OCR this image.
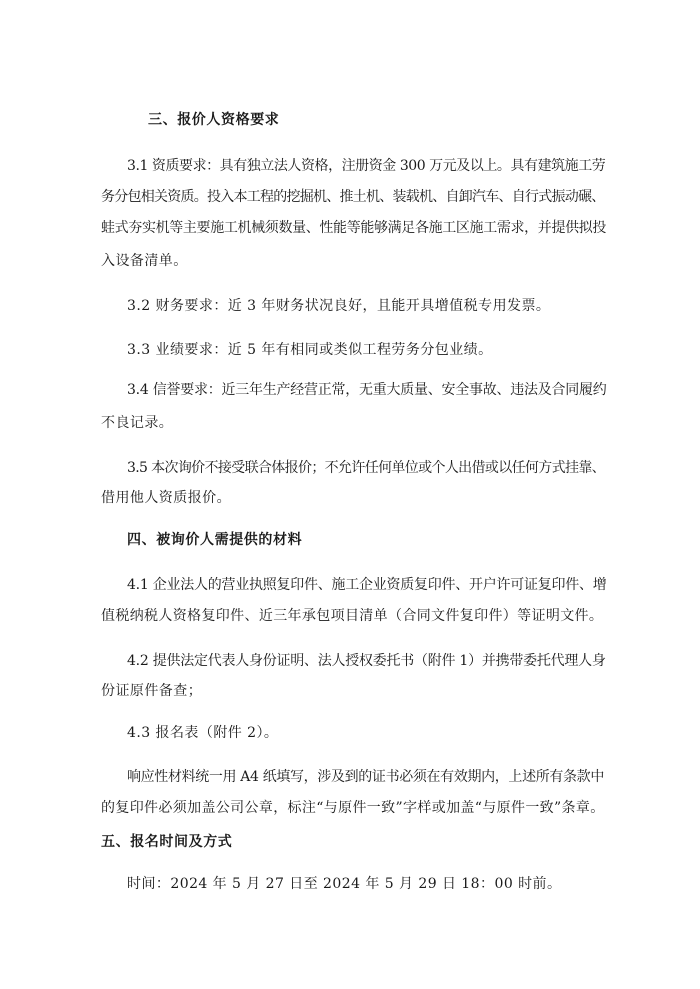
三、报价人资格要求

3.1 资质要求：具有独立法人资格，注册资金 300 万元及以上。具有建筑施工劳

务分包相关资质。投入本工程的挖掘机、推土机、装载机、自卸汽车、自行式振动碾、

蛙式夯实机等主要施工机械须数量、性能等能够满足各施工区施工需求，并提供拟投

入设备清单。

3.2 财务要求：近 3 年财务状况良好，且能开具增值税专用发票。

3.3 业绩要求：近 5 年有相同或类似工程劳务分包业绩。

3.4 信誉要求：近三年生产经营正常，无重大质量、安全事故、违法及合同履约

不良记录。

3.5 本次询价不接受联合体报价；不允许任何单位或个人出借或以任何方式挂靠、

借用他人资质报价。

四、被询价人需提供的材料

4.1 企业法人的营业执照复印件、施工企业资质复印件、开户许可证复印件、增

值税纳税人资格复印件、近三年承包项目清单（合同文件复印件）等证明文件。

4.2 提供法定代表人身份证明、法人授权委托书（附件 1）并携带委托代理人身

份证原件备查；

4.3 报名表（附件 2）。

响应性材料统一用 A4 纸填写，涉及到的证书必须在有效期内，上述所有条款中

的复印件必须加盖公司公章，标注“与原件一致”字样或加盖“与原件一致”条章。

五、报名时间及方式

时间：2024 年 5 月 27 日至 2024 年 5 月 29 日 18：00 时前。
